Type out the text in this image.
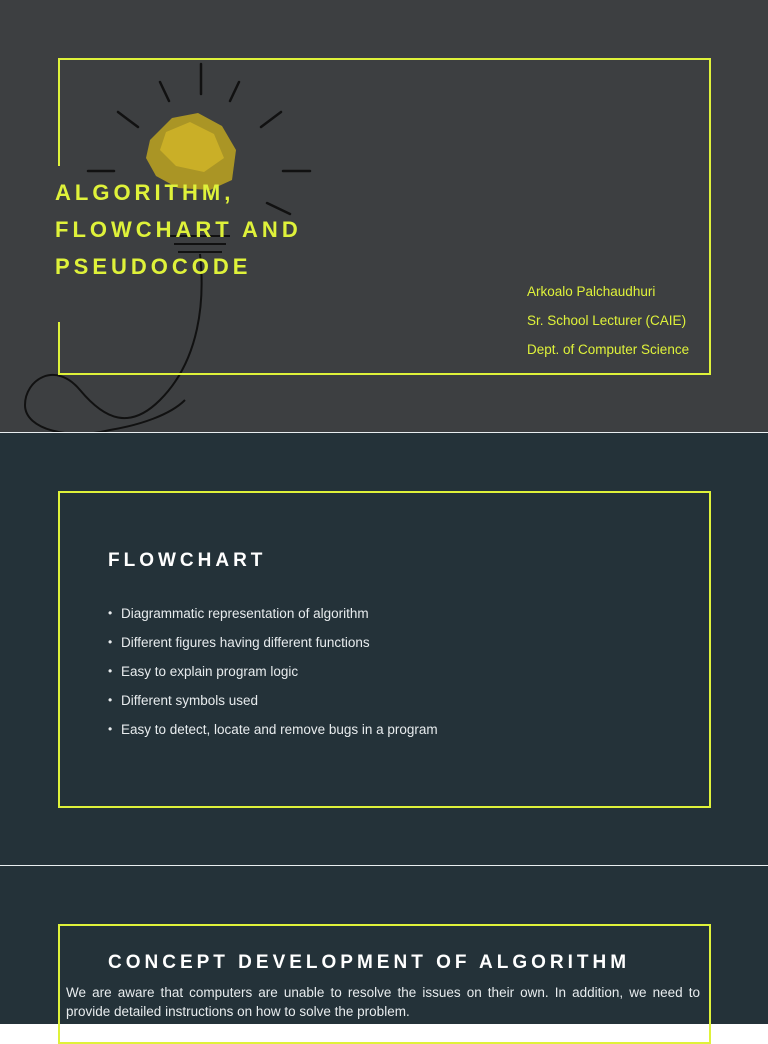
ALGORITHM,
FLOWCHART AND
PSEUDOCODE
Arkoalo Palchaudhuri
Sr. School Lecturer (CAIE)
Dept. of Computer Science
FLOWCHART
• Diagrammatic representation of algorithm
• Different figures having different functions
• Easy to explain program logic
• Different symbols used
• Easy to detect, locate and remove bugs in a program
CONCEPT DEVELOPMENT OF ALGORITHM
We are aware that computers are unable to resolve the issues on their own. In addition, we need to provide detailed instructions on how to solve the problem.
